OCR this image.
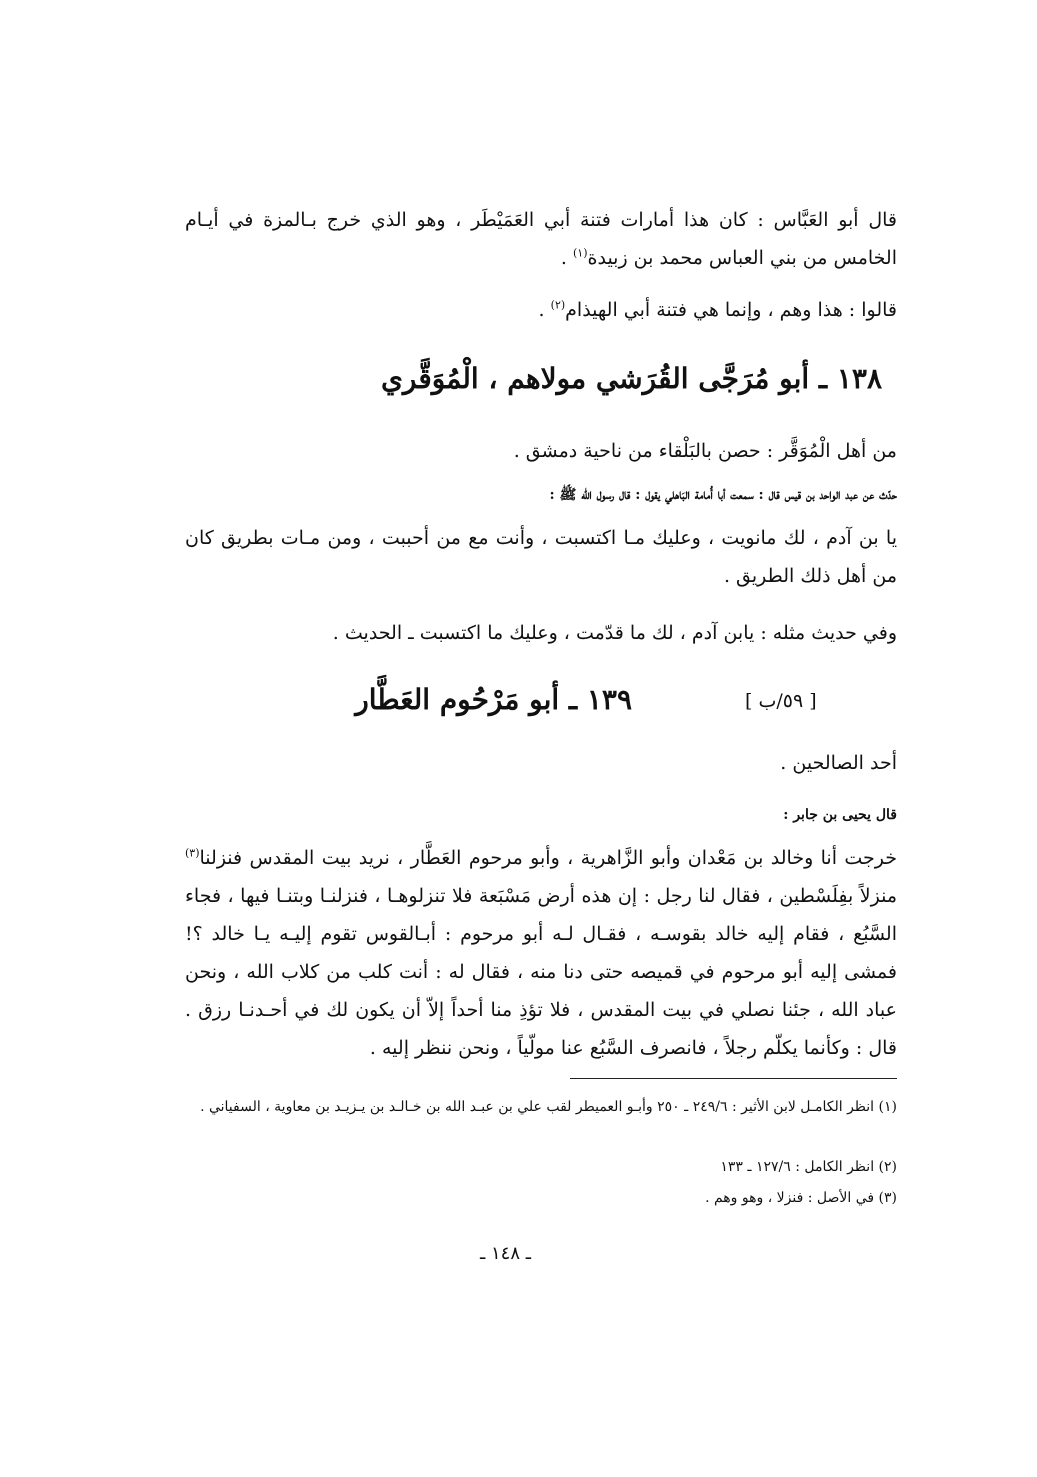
قال أبو العَبَّاس : كان هذا أمارات فتنة أبي العَمَيْطَر ، وهو الذي خرج بـالمزة في أيـام الخامس من بني العباس محمد بن زبيدة$^{(١)}$ .
قالوا : هذا وهم ، وإنما هي فتنة أبي الهيذام$^{(٢)}$ .
١٣٨ ـ أبو مُرَجَّى القُرَشي مولاهم ، الْمُوَقَّري
من أهل الْمُوَقَّر : حصن بالبَلْقاء من ناحية دمشق .
حدّث عن عبد الواحد بن قيس قال : سمعت أبا أُمامة البَاهلي يقول : قال رسول الله ﷺ :
يا بن آدم ، لك مانويت ، وعليك مـا اكتسبت ، وأنت مع من أحببت ، ومن مـات بطريق كان من أهل ذلك الطريق .
وفي حديث مثله : يابن آدم ، لك ما قدّمت ، وعليك ما اكتسبت ـ الحديث .
[ ٥٩/ب ]
١٣٩ ـ أبو مَرْحُوم العَطَّار
أحد الصالحين .
قال يحيى بن جابر :
خرجت أنا وخالد بن مَعْدان وأبو الزَّاهرية ، وأبو مرحوم العَطَّار ، نريد بيت المقدس فنزلنا$^{(٣)}$ منزلاً بفِلَسْطين ، فقال لنا رجل : إن هذه أرض مَسْبَعة فلا تنزلوهـا ، فنزلنـا وبتنـا فيها ، فجاء السَّبُع ، فقام إليه خالد بقوسـه ، فقـال لـه أبو مرحوم : أبـالقوس تقوم إليـه يـا خالد ؟! فمشى إليه أبو مرحوم في قميصه حتى دنا منه ، فقال له : أنت كلب من كلاب الله ، ونحن عباد الله ، جئنا نصلي في بيت المقدس ، فلا تؤذِ منا أحداً إلاّ أن يكون لك في أحـدنـا رزق . قال : وكأنما يكلّم رجلاً ، فانصرف السَّبُع عنا مولّياً ، ونحن ننظر إليه .
(١) انظر الكامـل لابن الأثير : ٢٤٩/٦ ـ ٢٥٠ وأبـو العميطر لقب علي بن عبـد الله بن خـالـد بن يـزيـد بن معاوية ، السفياني .
(٢) انظر الكامل : ١٢٧/٦ ـ ١٣٣
(٣) في الأصل : فنزلا ، وهو وهم .
ـ ١٤٨ ـ
